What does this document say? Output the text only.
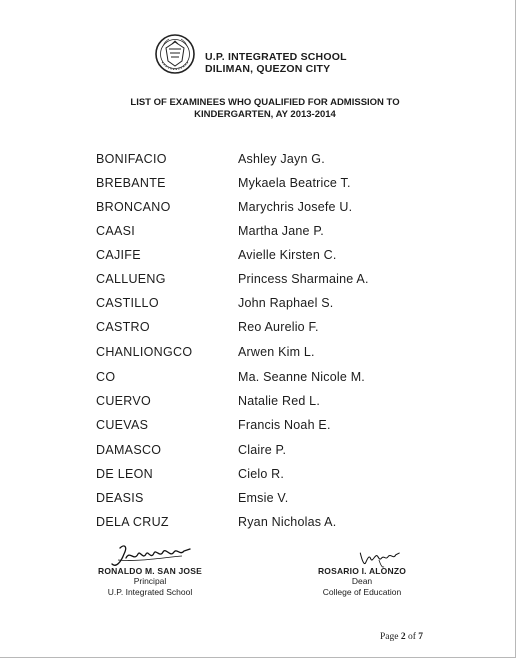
U.P. INTEGRATED SCHOOL
DILIMAN, QUEZON CITY
LIST OF EXAMINEES WHO QUALIFIED FOR ADMISSION TO
KINDERGARTEN, AY 2013-2014
BONIFACIO	Ashley Jayn G.
BREBANTE	Mykaela Beatrice T.
BRONCANO	Marychris Josefe U.
CAASI	Martha Jane P.
CAJIFE	Avielle Kirsten C.
CALLUENG	Princess Sharmaine A.
CASTILLO	John Raphael S.
CASTRO	Reo Aurelio F.
CHANLIONGCO	Arwen Kim L.
CO	Ma. Seanne Nicole M.
CUERVO	Natalie Red L.
CUEVAS	Francis Noah E.
DAMASCO	Claire P.
DE LEON	Cielo R.
DEASIS	Emsie V.
DELA CRUZ	Ryan Nicholas A.
RONALDO M. SAN JOSE
Principal
U.P. Integrated School
ROSARIO I. ALONZO
Dean
College of Education
Page 2 of 7
